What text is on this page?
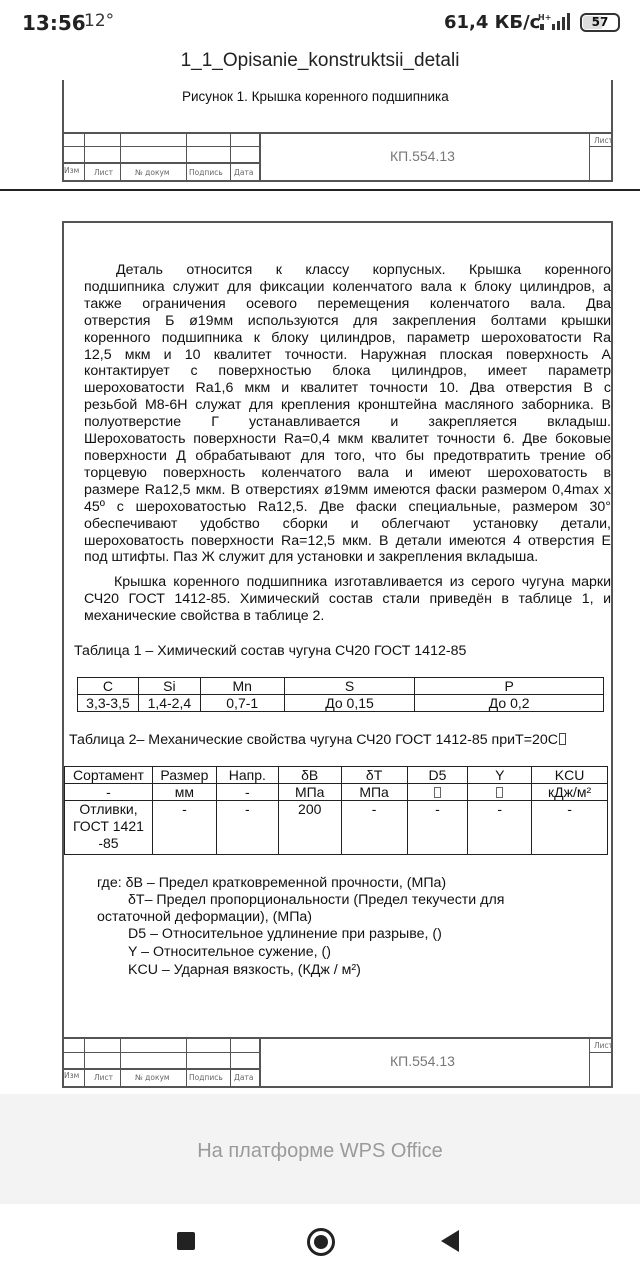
13:56
12°	61,4 КБ/с
H+	57
1_1_Opisanie_konstruktsii_detali
Рисунок 1. Крышка коренного подшипника
КП.554.13
Лист
Изм Лист	№ докум	Подпись Дата
Деталь относится к классу корпусных. Крышка коренного
подшипника служит для фиксации коленчатого вала к блоку цилиндров, а
также ограничения осевого перемещения коленчатого вала. Два
отверстия Б ø19мм используются для закрепления болтами крышки
коренного подшипника к блоку цилиндров, параметр шероховатости Ra
12,5 мкм и 10 квалитет точности. Наружная плоская поверхность А
контактирует с поверхностью блока цилиндров, имеет параметр
шероховатости Ra1,6 мкм и квалитет точности 10. Два отверстия В с
резьбой М8-6Н служат для крепления кронштейна масляного заборника. В
полуотверстие Г устанавливается и закрепляется вкладыш.
Шероховатость поверхности Ra=0,4 мкм квалитет точности 6. Две боковые
поверхности Д обрабатывают для того, что бы предотвратить трение об
торцевую поверхность коленчатого вала и имеют шероховатость в
размере Ra12,5 мкм. В отверстиях ø19мм имеются фаски размером 0,4max x
45º с шероховатостью Ra12,5. Две фаски специальные, размером 30°
обеспечивают удобство сборки и облегчают установку детали,
шероховатость поверхности Ra=12,5 мкм. В детали имеются 4 отверстия Е
под штифты. Паз Ж служит для установки и закрепления вкладыша.
Крышка коренного подшипника изготавливается из серого чугуна марки
СЧ20 ГОСТ 1412-85. Химический состав стали приведён в таблице 1, и
механические свойства в таблице 2.
Таблица 1 – Химический состав чугуна СЧ20 ГОСТ 1412-85
C	Si	Mn	S	P
3,3-3,5	1,4-2,4	0,7-1	До 0,15	До 0,2
Таблица 2– Механические свойства чугуна СЧ20 ГОСТ 1412-85 приТ=20С
Сортамент	Размер	Напр.	δВ	δТ	D5	Y	KCU
-	мм	-	МПа	МПа			кДж/м²
Отливки, ГОСТ 1421 -85	-	-	200	-	-	-	-
где: δВ – Предел кратковременной прочности, (МПа)
δТ– Предел пропорциональности (Предел текучести для
остаточной деформации), (МПа)
D5 – Относительное удлинение при разрыве, ()
Y – Относительное сужение, ()
KCU – Ударная вязкость, (КДж / м²)
КП.554.13
Лист
Изм Лист	№ докум	Подпись Дата
На платформе WPS Office
